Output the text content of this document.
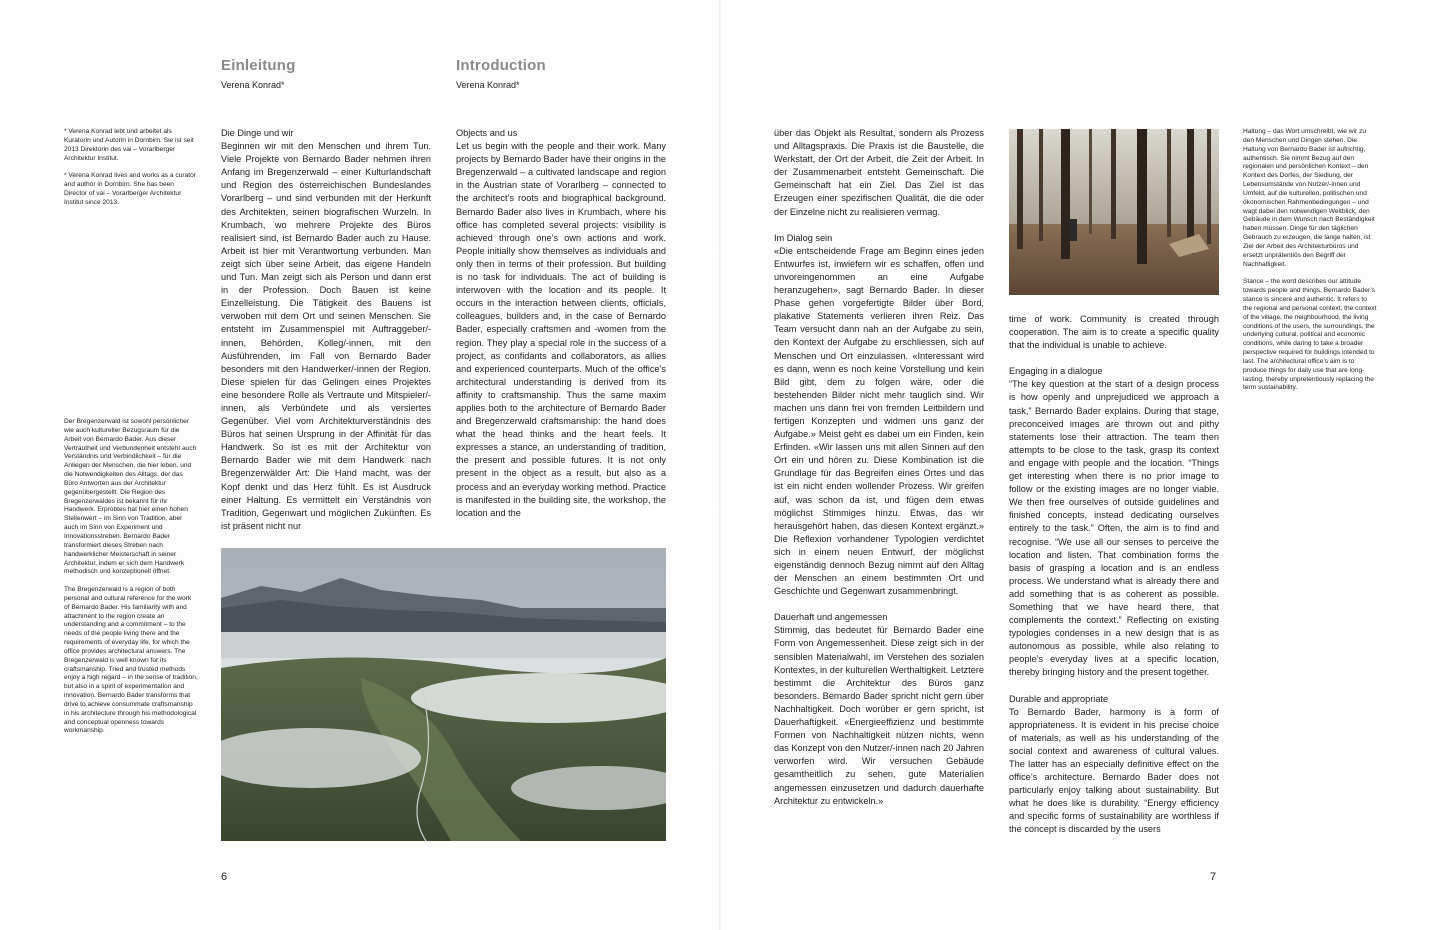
Einleitung
Verena Konrad*
Introduction
Verena Konrad*

* Verena Konrad lebt und arbeitet als Kuratorin und Autorin in Dornbirn. Sie ist seit 2013 Direktorin des vai – Vorarlberger Architektur Institut.

* Verena Konrad lives and works as a curator and author in Dornbirn. She has been Director of vai – Vorarlberger Architektur Institut since 2013.

Der Bregenzerwald ist sowohl persönlicher wie auch kultureller Bezugsraum für die Arbeit von Bernardo Bader. Aus dieser Vertrautheit und Verbundenheit entsteht auch Verständnis und Verbindlichkeit – für die Anliegen der Menschen, die hier leben, und die Notwendigkeiten des Alltags, der das Büro Antworten aus der Architektur gegenübergestellt. Die Region des Bregenzerwaldes ist bekannt für ihr Handwerk. Erprobtes hat hier einen hohen Stellenwert – im Sinn von Tradition, aber auch im Sinn von Experiment und Innovationsstreben. Bernardo Bader transformiert dieses Streben nach handwerklicher Meisterschaft in seiner Architektur, indem er sich dem Handwerk methodisch und konzeptionell öffnet.

The Bregenzerwald is a region of both personal and cultural reference for the work of Bernardo Bader. His familiarity with and attachment to the region create an understanding and a commitment – to the needs of the people living there and the requirements of everyday life, for which the office provides architectural answers. The Bregenzerwald is well known for its craftsmanship. Tried and trusted methods enjoy a high regard – in the sense of tradition, but also in a spirit of experimentation and innovation. Bernardo Bader transforms that drive to achieve consummate craftsmanship in his architecture through his methodological and conceptual openness towards workmanship.

Die Dinge und wir

Beginnen wir mit den Menschen und ihrem Tun. Viele Projekte von Bernardo Bader nehmen ihren Anfang im Bregenzerwald – einer Kulturlandschaft und Region des österreichischen Bundeslandes Vorarlberg – und sind verbunden mit der Herkunft des Architekten, seinen biografischen Wurzeln. In Krumbach, wo mehrere Projekte des Büros realisiert sind, ist Bernardo Bader auch zu Hause. Arbeit ist hier mit Verantwortung verbunden. Man zeigt sich über seine Arbeit, das eigene Handeln und Tun. Man zeigt sich als Person und dann erst in der Profession. Doch Bauen ist keine Einzelleistung. Die Tätigkeit des Bauens ist verwoben mit dem Ort und seinen Menschen. Sie entsteht im Zusammenspiel mit Auftraggeber/-innen, Behörden, Kolleg/-innen, mit den Ausführenden, im Fall von Bernardo Bader besonders mit den Handwerker/-innen der Region. Diese spielen für das Gelingen eines Projektes eine besondere Rolle als Vertraute und Mitspieler/-innen, als Verbündete und als versiertes Gegenüber. Viel vom Architekturverständnis des Büros hat seinen Ursprung in der Affinität für das Handwerk. So ist es mit der Architektur von Bernardo Bader wie mit dem Handwerk nach Bregenzerwälder Art: Die Hand macht, was der Kopf denkt und das Herz fühlt. Es ist Ausdruck einer Haltung. Es vermittelt ein Verständnis von Tradition, Gegenwart und möglichen Zukünften. Es ist präsent nicht nur

Objects and us

Let us begin with the people and their work. Many projects by Bernardo Bader have their origins in the Bregenzerwald – a cultivated landscape and region in the Austrian state of Vorarlberg – connected to the architect’s roots and biographical background. Bernardo Bader also lives in Krumbach, where his office has completed several projects: visibility is achieved through one’s own actions and work. People initially show themselves as individuals and only then in terms of their profession. But building is no task for individuals. The act of building is interwoven with the location and its people. It occurs in the interaction between clients, officials, colleagues, builders and, in the case of Bernardo Bader, especially craftsmen and -women from the region. They play a special role in the success of a project, as confidants and collaborators, as allies and experienced counterparts. Much of the office’s architectural understanding is derived from its affinity to craftsmanship. Thus the same maxim applies both to the architecture of Bernardo Bader and Bregenzerwald craftsmanship: the hand does what the head thinks and the heart feels. It expresses a stance, an understanding of tradition, the present and possible futures. It is not only present in the object as a result, but also as a process and an everyday working method. Practice is manifested in the building site, the workshop, the location and the

6

über das Objekt als Resultat, sondern als Prozess und Alltagspraxis. Die Praxis ist die Baustelle, die Werkstatt, der Ort der Arbeit, die Zeit der Arbeit. In der Zusammenarbeit entsteht Gemeinschaft. Die Gemeinschaft hat ein Ziel. Das Ziel ist das Erzeugen einer spezifischen Qualität, die die oder der Einzelne nicht zu realisieren vermag.

Im Dialog sein

«Die entscheidende Frage am Beginn eines jeden Entwurfes ist, inwiefern wir es schaffen, offen und unvoreingenommen an eine Aufgabe heranzugehen», sagt Bernardo Bader. In dieser Phase gehen vorgefertigte Bilder über Bord, plakative Statements verlieren ihren Reiz. Das Team versucht dann nah an der Aufgabe zu sein, den Kontext der Aufgabe zu erschliessen, sich auf Menschen und Ort einzulassen. «Interessant wird es dann, wenn es noch keine Vorstellung und kein Bild gibt, dem zu folgen wäre, oder die bestehenden Bilder nicht mehr tauglich sind. Wir machen uns dann frei von fremden Leitbildern und fertigen Konzepten und widmen uns ganz der Aufgabe.» Meist geht es dabei um ein Finden, kein Erfinden. «Wir lassen uns mit allen Sinnen auf den Ort ein und hören zu. Diese Kombination ist die Grundlage für das Begreifen eines Ortes und das ist ein nicht enden wollender Prozess. Wir greifen auf, was schon da ist, und fügen dem etwas möglichst Stimmiges hinzu. Etwas, das wir herausgehört haben, das diesen Kontext ergänzt.» Die Reflexion vorhandener Typologien verdichtet sich in einem neuen Entwurf, der möglichst eigenständig dennoch Bezug nimmt auf den Alltag der Menschen an einem bestimmten Ort und Geschichte und Gegenwart zusammenbringt.

Dauerhaft und angemessen

Stimmig, das bedeutet für Bernardo Bader eine Form von Angemessenheit. Diese zeigt sich in der sensiblen Materialwahl, im Verstehen des sozialen Kontextes, in der kulturellen Werthaltigkeit. Letztere bestimmt die Architektur des Büros ganz besonders. Bernardo Bader spricht nicht gern über Nachhaltigkeit. Doch worüber er gern spricht, ist Dauerhaftigkeit. «Energieeffizienz und bestimmte Formen von Nachhaltigkeit nützen nichts, wenn das Konzept von den Nutzer/-innen nach 20 Jahren verworfen wird. Wir versuchen Gebäude gesamtheitlich zu sehen, gute Materialien angemessen einzusetzen und dadurch dauerhafte Architektur zu entwickeln.»

time of work. Community is created through cooperation. The aim is to create a specific quality that the individual is unable to achieve.

Engaging in a dialogue

“The key question at the start of a design process is how openly and unprejudiced we approach a task,” Bernardo Bader explains. During that stage, preconceived images are thrown out and pithy statements lose their attraction. The team then attempts to be close to the task, grasp its context and engage with people and the location. “Things get interesting when there is no prior image to follow or the existing images are no longer viable. We then free ourselves of outside guidelines and finished concepts, instead dedicating ourselves entirely to the task.” Often, the aim is to find and recognise. “We use all our senses to perceive the location and listen. That combination forms the basis of grasping a location and is an endless process. We understand what is already there and add something that is as coherent as possible. Something that we have heard there, that complements the context.” Reflecting on existing typologies condenses in a new design that is as autonomous as possible, while also relating to people’s everyday lives at a specific location, thereby bringing history and the present together.

Durable and appropriate

To Bernardo Bader, harmony is a form of appropriateness. It is evident in his precise choice of materials, as well as his understanding of the social context and awareness of cultural values. The latter has an especially definitive effect on the office’s architecture. Bernardo Bader does not particularly enjoy talking about sustainability. But what he does like is durability. “Energy efficiency and specific forms of sustainability are worthless if the concept is discarded by the users

Haltung – das Wort umschreibt, wie wir zu den Menschen und Dingen stehen. Die Haltung von Bernardo Bader ist aufrichtig, authentisch. Sie nimmt Bezug auf den regionalen und persönlichen Kontext – den Kontext des Dorfes, der Siedlung, der Lebensumstände von Nutzer/-innen und Umfeld, auf die kulturellen, politischen und ökonomischen Rahmenbedingungen – und wagt dabei den notwendigen Weitblick, den Gebäude in dem Wunsch nach Beständigkeit haben müssen. Dinge für den täglichen Gebrauch zu erzeugen, die lange halten, ist Ziel der Arbeit des Architekturbüros und ersetzt unprätentiös den Begriff der Nachhaltigkeit.

Stance – the word describes our attitude towards people and things. Bernardo Bader’s stance is sincere and authentic. It refers to the regional and personal context, the context of the village, the neighbourhood, the living conditions of the users, the surroundings, the underlying cultural, political and economic conditions, while daring to take a broader perspective required for buildings intended to last. The architectural office’s aim is to produce things for daily use that are long-lasting, thereby unpretentiously replacing the term sustainability.

7
